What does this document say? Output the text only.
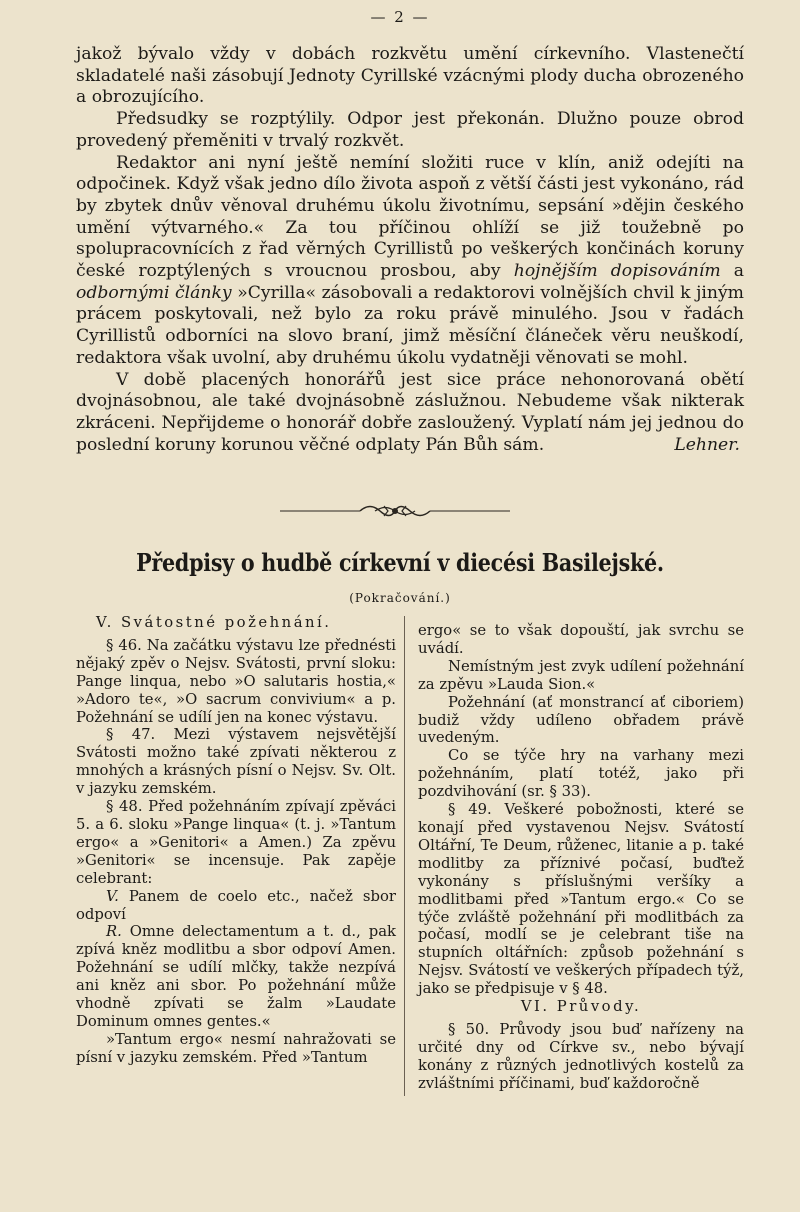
— 2 —

jakož bývalo vždy v dobách rozkvětu umění církevního. Vlastenečtí skladatelé naši zásobují Jednoty Cyrillské vzácnými plody ducha obrozeného a obrozujícího.

Předsudky se rozptýlily. Odpor jest překonán. Dlužno pouze obrod provedený přeměniti v trvalý rozkvět.

Redaktor ani nyní ještě nemíní složiti ruce v klín, aniž odejíti na odpočinek. Když však jedno dílo života aspoň z větší části jest vykonáno, rád by zbytek dnův věnoval druhému úkolu životnímu, sepsání »dějin českého umění výtvarného.« Za tou příčinou ohlíží se již toužebně po spolupracovnících z řad věrných Cyrillistů po veškerých končinách koruny české rozptýlených s vroucnou prosbou, aby hojnějším dopisováním a odbornými články »Cyrilla« zásobovali a redaktorovi volnějších chvil k jiným prácem poskytovali, než bylo za roku právě minulého. Jsou v řadách Cyrillistů odborníci na slovo braní, jimž měsíční článeček věru neuškodí, redaktora však uvolní, aby druhému úkolu vydatněji věnovati se mohl.

V době placených honorářů jest sice práce nehonorovaná obětí dvojnásobnou, ale také dvojnásobně záslužnou. Nebudeme však nikterak zkráceni. Nepřijdeme o honorář dobře zasloužený. Vyplatí nám jej jednou do poslední koruny korunou věčné odplaty Pán Bůh sám.	Lehner.

Předpisy o hudbě církevní v diecési Basilejské.
(Pokračování.)

V. Svátostné požehnání.

§ 46. Na začátku výstavu lze přednésti nějaký zpěv o Nejsv. Svátosti, první sloku: Pange linqua, nebo »O salutaris hostia,« »Adoro te«, »O sacrum convivium« a p. Požehnání se udílí jen na konec výstavu.

§ 47. Mezi výstavem nejsvětější Svátosti možno také zpívati některou z mnohých a krásných písní o Nejsv. Sv. Olt. v jazyku zemském.

§ 48. Před požehnáním zpívají zpěváci 5. a 6. sloku »Pange linqua« (t. j. »Tantum ergo« a »Genitori« a Amen.) Za zpěvu »Genitori« se incensuje. Pak zapěje celebrant:

V. Panem de coelo etc., načež sbor odpoví

R. Omne delectamentum a t. d., pak zpívá kněz modlitbu a sbor odpoví Amen. Požehnání se udílí mlčky, takže nezpívá ani kněz ani sbor. Po požehnání může vhodně zpívati se žalm »Laudate Dominum omnes gentes.«

»Tantum ergo« nesmí nahražovati se písní v jazyku zemském. Před »Tantum

ergo« se to však dopouští, jak svrchu se uvádí.

Nemístným jest zvyk udílení požehnání za zpěvu »Lauda Sion.«

Požehnání (ať monstrancí ať ciboriem) budiž vždy udíleno obřadem právě uvedeným.

Co se týče hry na varhany mezi požehnáním, platí totéž, jako při pozdvihování (sr. § 33).

§ 49. Veškeré pobožnosti, které se konají před vystavenou Nejsv. Svátostí Oltářní, Te Deum, růženec, litanie a p. také modlitby za příznivé počasí, buďtež vykonány s příslušnými veršíky a modlitbami před »Tantum ergo.« Co se týče zvláště požehnání při modlitbách za počasí, modlí se je celebrant tiše na stupních oltářních: způsob požehnání s Nejsv. Svátostí ve veškerých případech týž, jako se předpisuje v § 48.

VI. Průvody.

§ 50. Průvody jsou buď nařízeny na určité dny od Církve sv., nebo bývají konány z různých jednotlivých kostelů za zvláštními příčinami, buď každoročně
